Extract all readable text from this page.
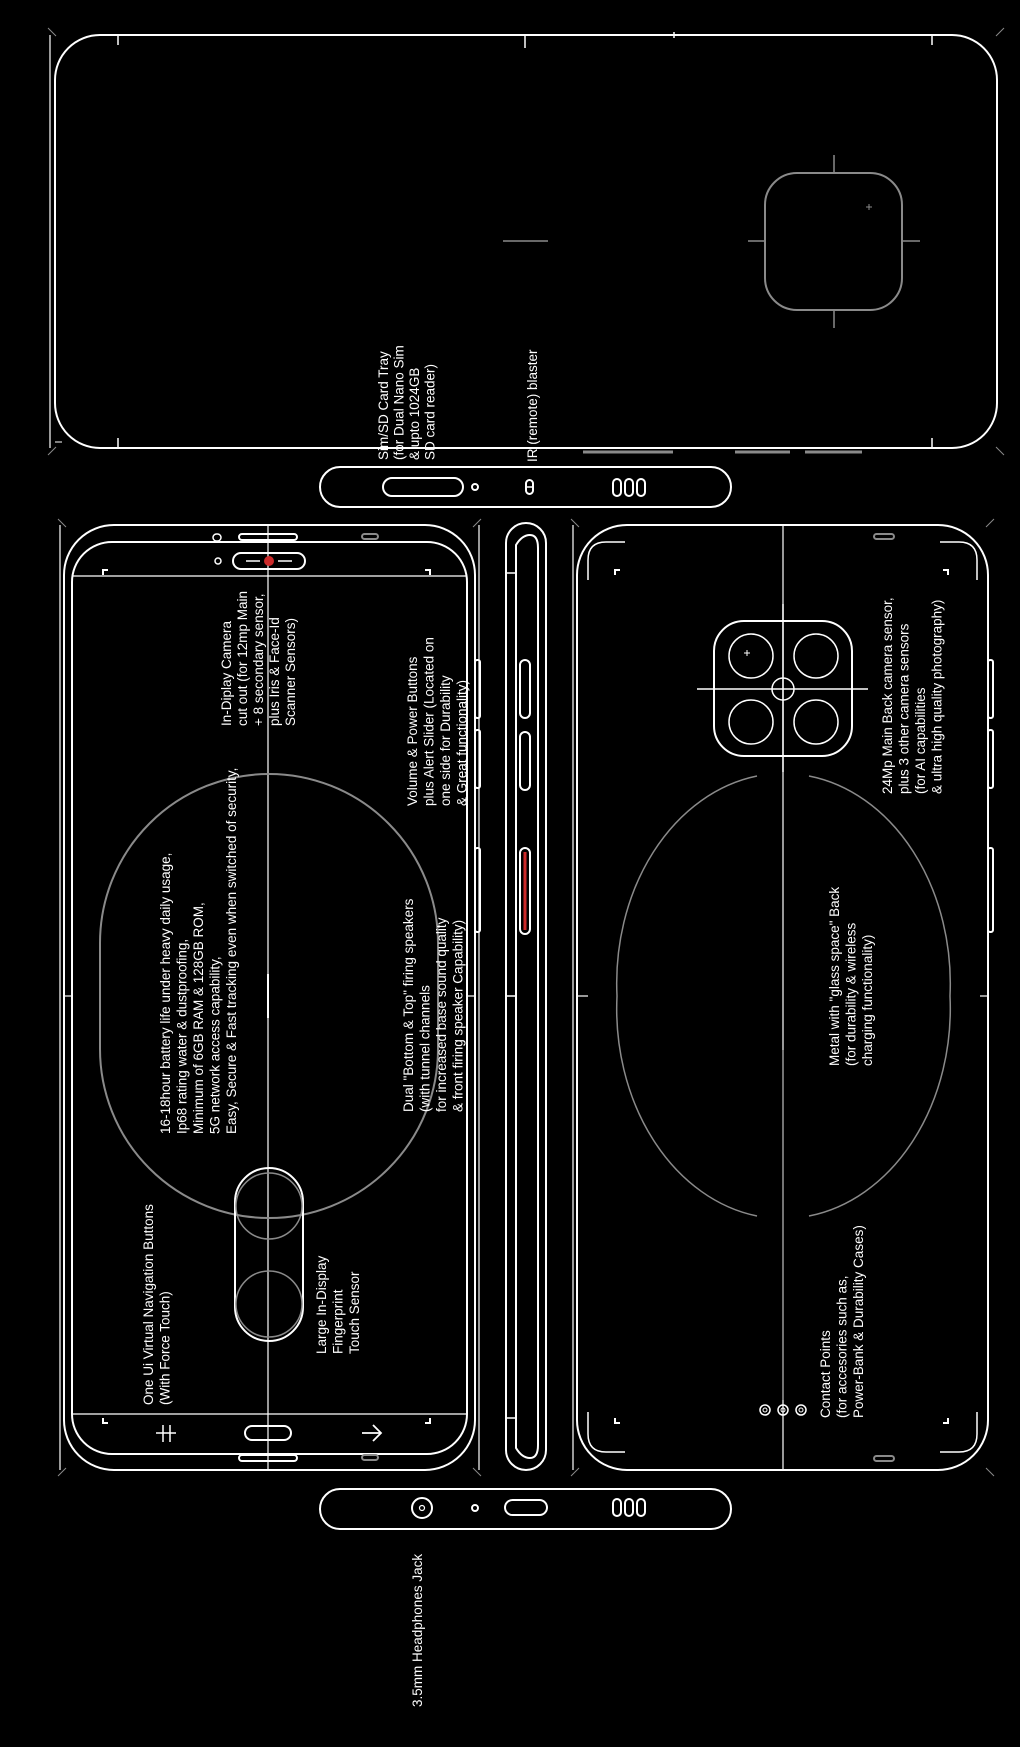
Sim/SD Card Tray (for Dual Nano Sim & upto 1024GB SD card reader)	IR (remote) blaster
In-Diplay Camera cut out (for 12mp Main + 8 secondary sensor, plus Iris & Face-Id Scanner Sensors)	Volume & Power Buttons plus Alert Slider (Located on one side for Durability & Great functionality)
16-18hour battery life under heavy daily usage, Ip68 rating water & dustproofing, Minimum of 6GB RAM & 128GB ROM, 5G network access capability, Easy, Secure & Fast tracking even when switched of security,	Dual "Bottom & Top" firing speakers (with tunnel channels for increased base sound quality & front firing speaker Capability)
One Ui Virtual Navigation Buttons (With Force Touch)	Large In-Display Fingerprint Touch Sensor
24Mp Main Back camera sensor, plus 3 other camera sensors (for AI capabilities & ultra high quality photography)
Metal with "glass space" Back (for durability & wireless charging functionality)
Contact Points (for accesories such as, Power-Bank & Durability Cases)
3.5mm Headphones Jack
